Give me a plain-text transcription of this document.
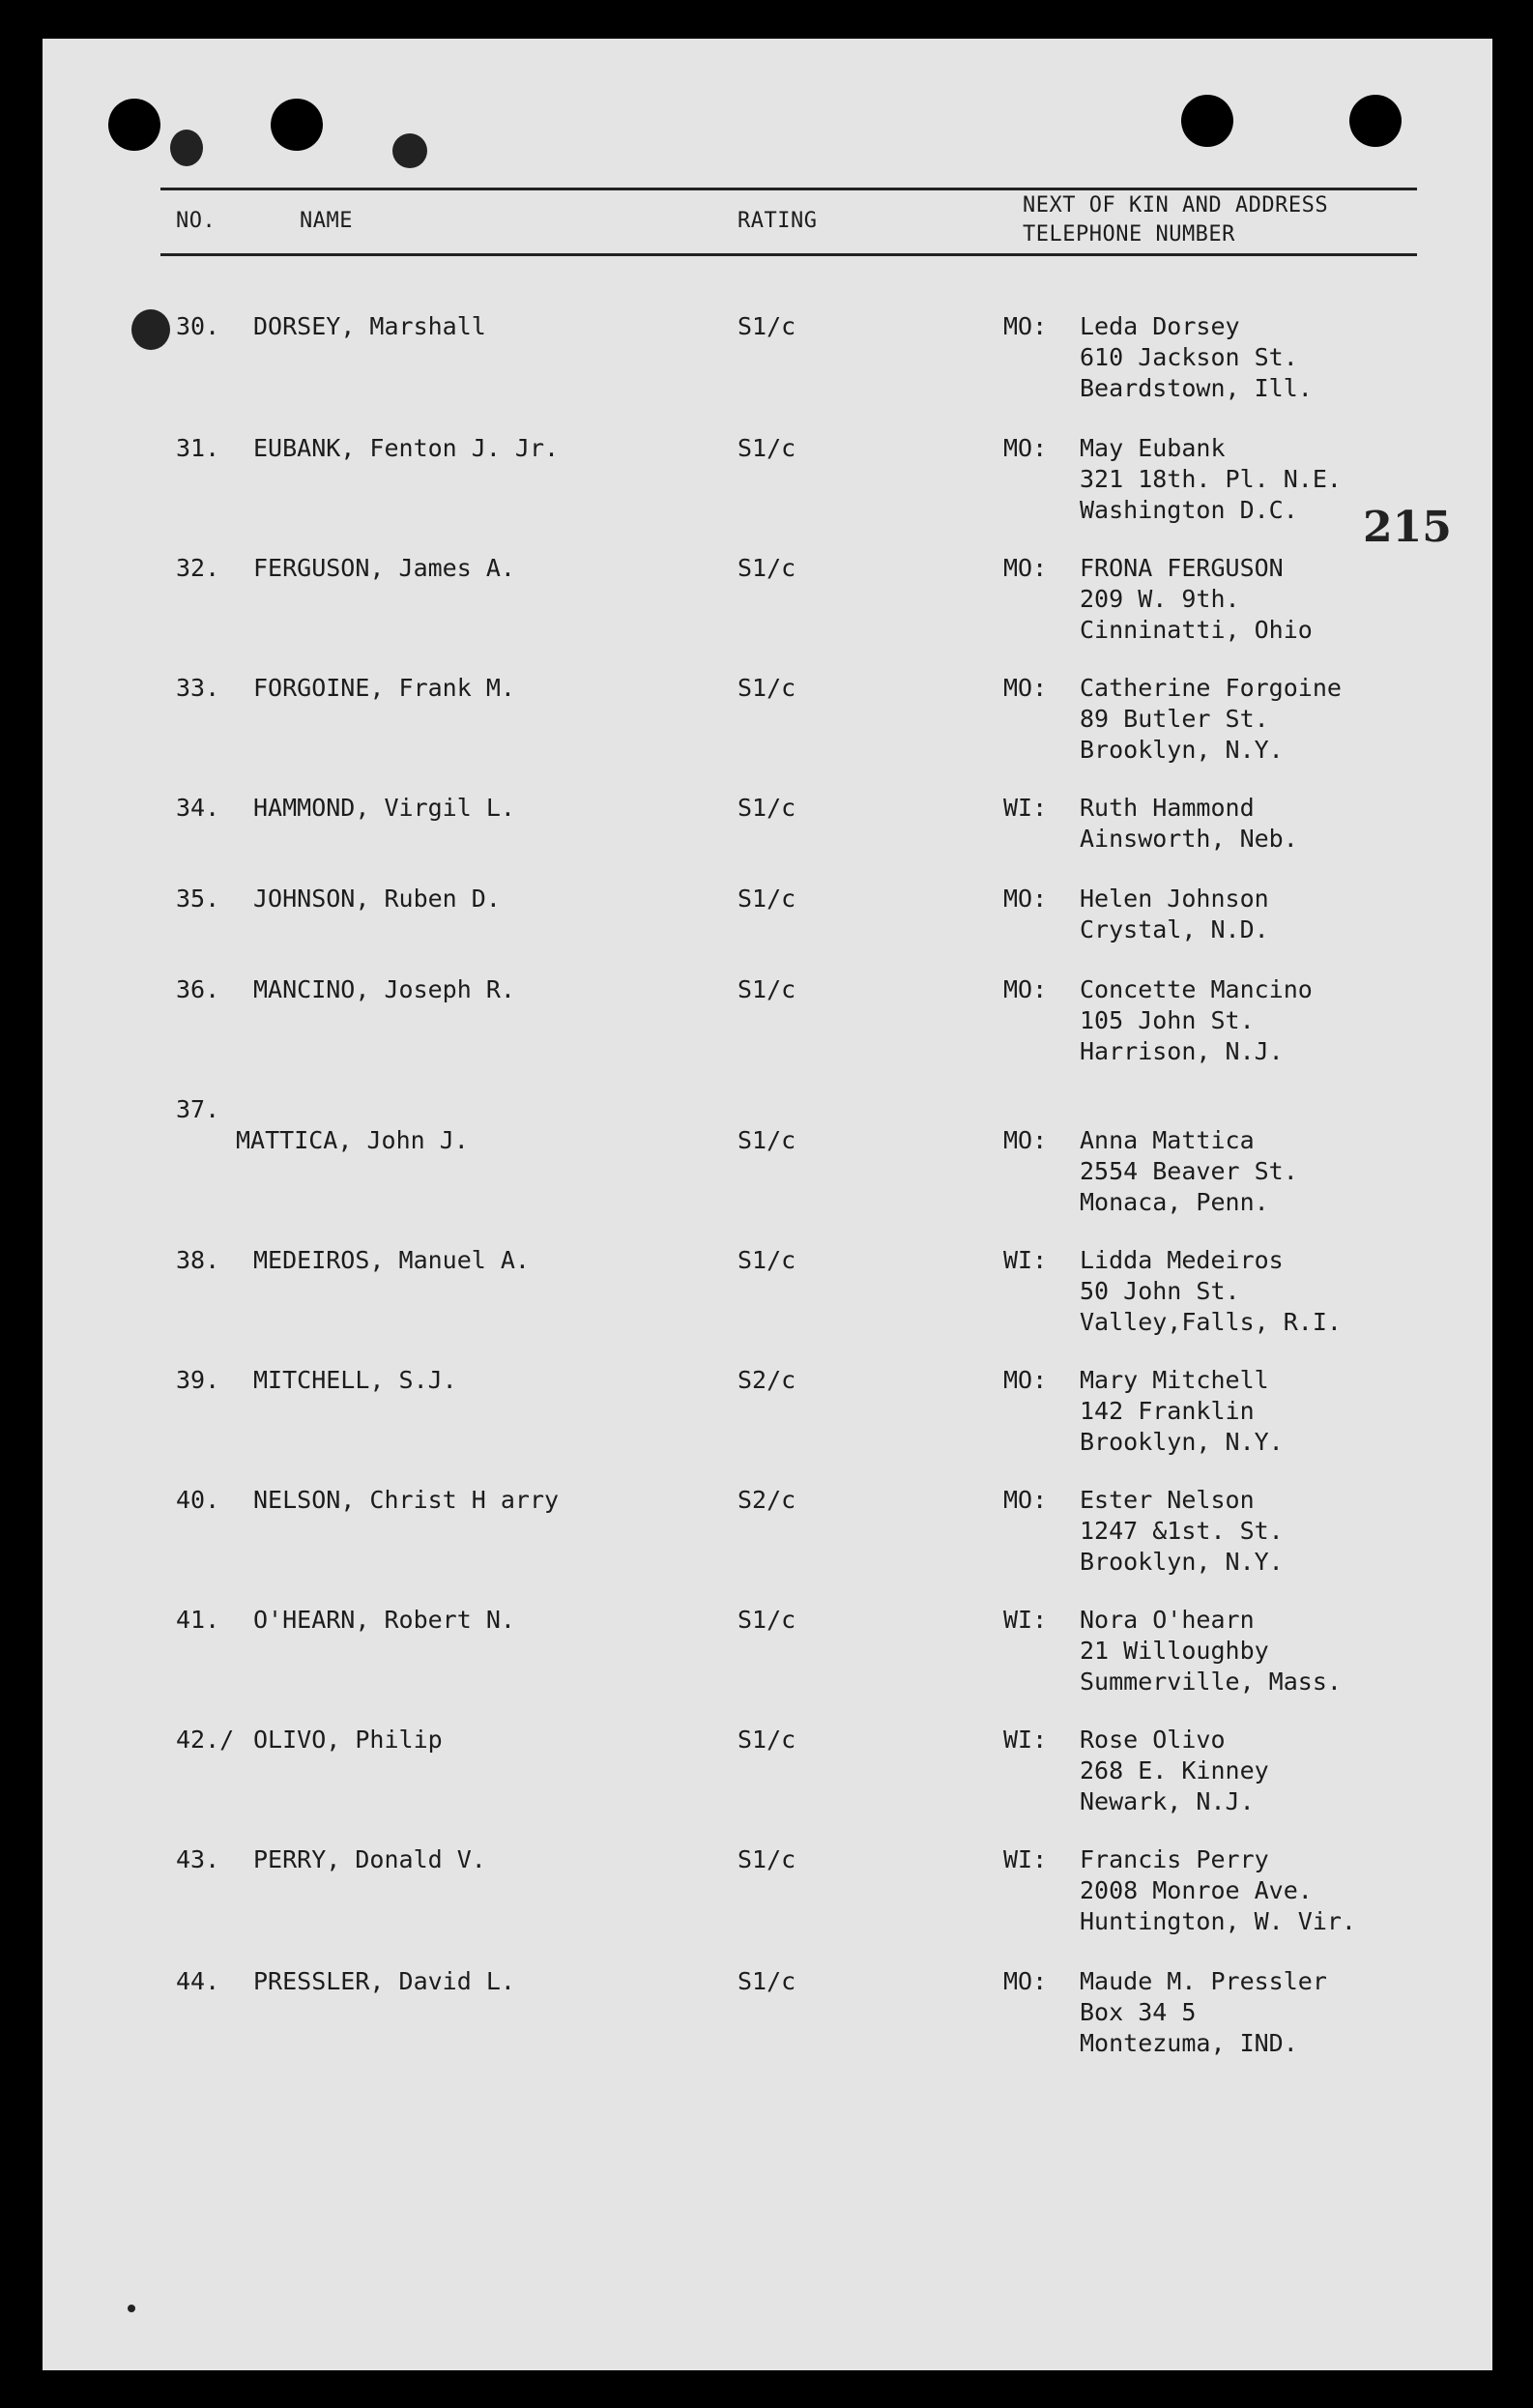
NO.	NAME	RATING
NEXT OF KIN AND ADDRESS
TELEPHONE NUMBER
215
30. DORSEY, Marshall	S1/c	MO: Leda Dorsey
610 Jackson St.
Beardstown, Ill.
31. EUBANK, Fenton J. Jr.	S1/c	MO: May Eubank
321 18th. Pl. N.E.
Washington D.C.
32. FERGUSON, James A.	S1/c	MO: FRONA FERGUSON
209 W. 9th.
Cinninatti, Ohio
33. FORGOINE, Frank M.	S1/c	MO: Catherine Forgoine
89 Butler St.
Brooklyn, N.Y.
34. HAMMOND, Virgil L.	S1/c	WI: Ruth Hammond
Ainsworth, Neb.
35. JOHNSON, Ruben D.	S1/c	MO: Helen Johnson
Crystal, N.D.
36. MANCINO, Joseph R.	S1/c	MO: Concette Mancino
105 John St.
Harrison, N.J.
37.
MATTICA, John J.	S1/c	MO: Anna Mattica
2554 Beaver St.
Monaca, Penn.
38. MEDEIROS, Manuel A.	S1/c	WI: Lidda Medeiros
50 John St.
Valley,Falls, R.I.
39. MITCHELL, S.J.	S2/c	MO: Mary Mitchell
142 Franklin
Brooklyn, N.Y.
40. NELSON, Christ H arry	S2/c	MO: Ester Nelson
1247 &1st. St.
Brooklyn, N.Y.
41. O'HEARN, Robert N.	S1/c	WI: Nora O'hearn
21 Willoughby
Summerville, Mass.
42./ OLIVO, Philip	S1/c	WI: Rose Olivo
268 E. Kinney
Newark, N.J.
43. PERRY, Donald V.	S1/c	WI: Francis Perry
2008 Monroe Ave.
Huntington, W. Vir.
44. PRESSLER, David L.	S1/c	MO: Maude M. Pressler
Box 34 5
Montezuma, IND.
